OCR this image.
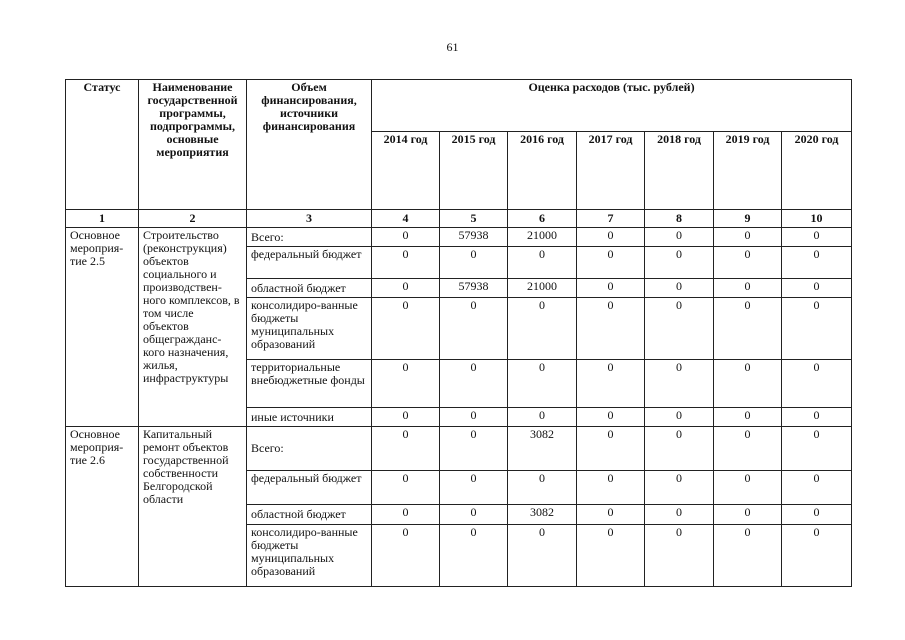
61
Статус	Наименование государственной программы, подпрограммы, основные мероприятия	Объем финансирования, источники финансирования	Оценка расходов (тыс. рублей)						
			2014 год	2015 год	2016 год	2017 год	2018 год	2019 год	2020 год
1	2	3	4	5	6	7	8	9	10
Основное мероприя-тие 2.5	Строительство (реконструкция) объектов социального и производствен-ного комплексов, в том числе объектов общегражданс-кого назначения, жилья, инфраструктуры	Всего:	0	57938	21000	0	0	0	0
		федеральный бюджет	0	0	0	0	0	0	0
		областной бюджет	0	57938	21000	0	0	0	0
		консолидиро-ванные бюджеты муниципальных образований	0	0	0	0	0	0	0
		территориальные внебюджетные фонды	0	0	0	0	0	0	0
		иные источники	0	0	0	0	0	0	0
Основное мероприя-тие 2.6	Капитальный ремонт объектов государственной собственности Белгородской области	Всего:	0	0	3082	0	0	0	0
		федеральный бюджет	0	0	0	0	0	0	0
		областной бюджет	0	0	3082	0	0	0	0
		консолидиро-ванные бюджеты муниципальных образований	0	0	0	0	0	0	0
